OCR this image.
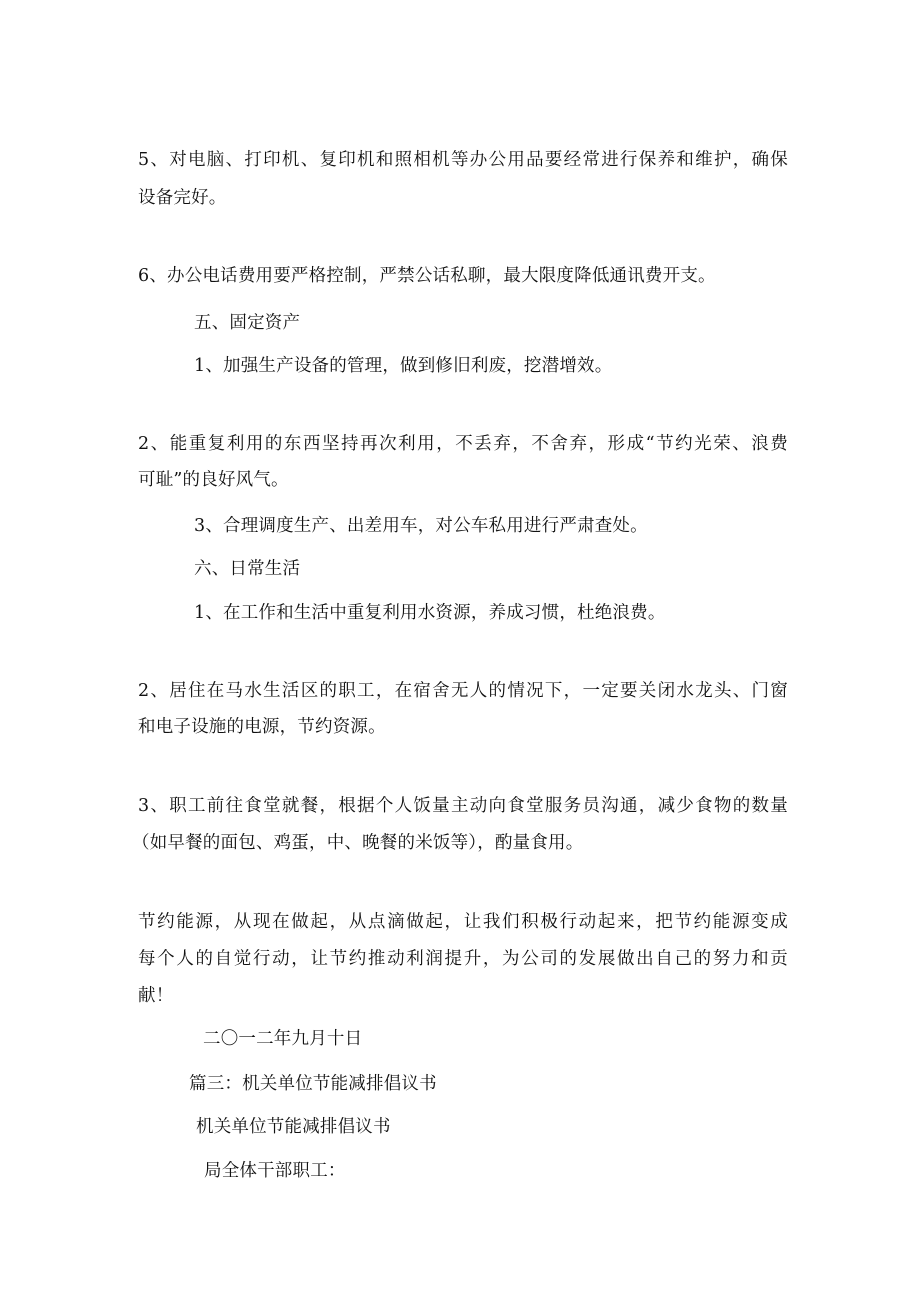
5、对电脑、打印机、复印机和照相机等办公用品要经常进行保养和维护，确保
设备完好。
6、办公电话费用要严格控制，严禁公话私聊，最大限度降低通讯费开支。
五、固定资产
1、加强生产设备的管理，做到修旧利废，挖潜增效。
2、能重复利用的东西坚持再次利用，不丢弃，不舍弃，形成“节约光荣、浪费
可耻”的良好风气。
3、合理调度生产、出差用车，对公车私用进行严肃查处。
六、日常生活
1、在工作和生活中重复利用水资源，养成习惯，杜绝浪费。
2、居住在马水生活区的职工，在宿舍无人的情况下，一定要关闭水龙头、门窗
和电子设施的电源，节约资源。
3、职工前往食堂就餐，根据个人饭量主动向食堂服务员沟通，减少食物的数量
（如早餐的面包、鸡蛋，中、晚餐的米饭等），酌量食用。
节约能源，从现在做起，从点滴做起，让我们积极行动起来，把节约能源变成
每个人的自觉行动，让节约推动利润提升，为公司的发展做出自己的努力和贡
献！
二〇一二年九月十日
篇三：机关单位节能减排倡议书
机关单位节能减排倡议书
局全体干部职工：
